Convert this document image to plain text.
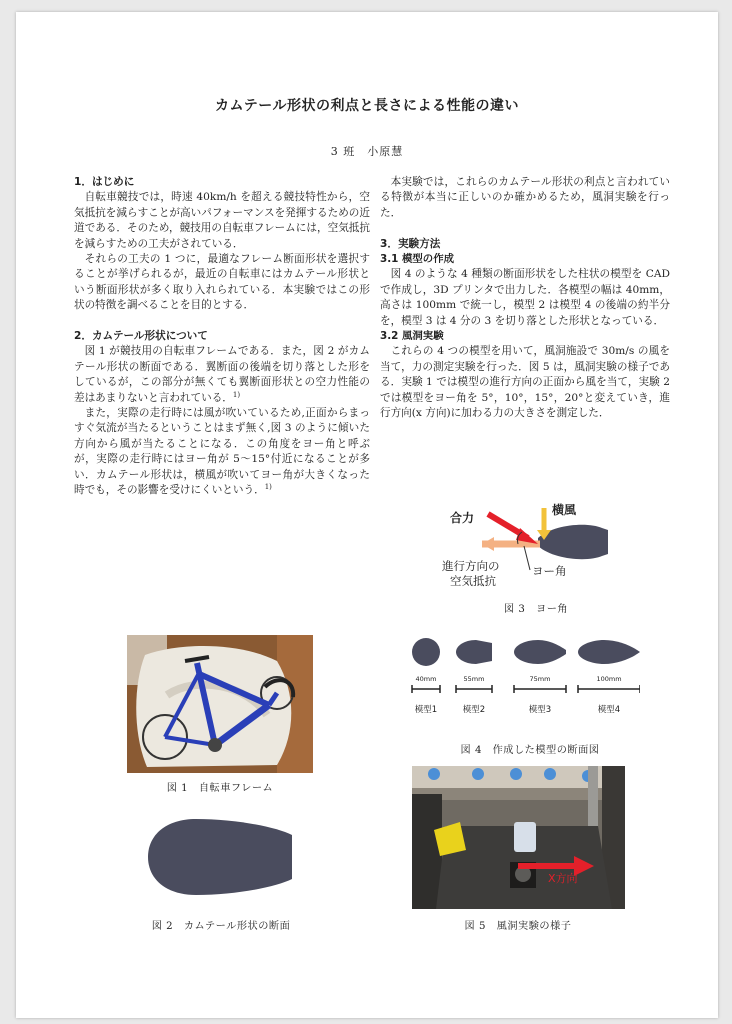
カムテール形状の利点と長さによる性能の違い
3 班　小原慧
1．はじめに

自転車競技では，時速 40km/h を超える競技特性から，空気抵抗を減らすことが高いパフォーマンスを発揮するための近道である．そのため，競技用の自転車フレームには，空気抵抗を減らすための工夫がされている．

それらの工夫の 1 つに，最適なフレーム断面形状を選択することが挙げられるが，最近の自転車にはカムテール形状という断面形状が多く取り入れられている．本実験ではこの形状の特徴を調べることを目的とする．

2．カムテール形状について

図 1 が競技用の自転車フレームである．また，図 2 がカムテール形状の断面である．翼断面の後端を切り落とした形をしているが，この部分が無くても翼断面形状との空力性能の差はあまりないと言われている．$^{1)}$

また，実際の走行時には風が吹いているため,正面からまっすぐ気流が当たるということはまず無く,図 3 のように傾いた方向から風が当たることになる．この角度をヨー角と呼ぶが，実際の走行時にはヨー角が 5〜15°付近になることが多い．カムテール形状は，横風が吹いてヨー角が大きくなった時でも，その影響を受けにくいという．$^{1)}$

本実験では，これらのカムテール形状の利点と言われている特徴が本当に正しいのか確かめるため，風洞実験を行った．

3．実験方法
3.1 模型の作成

図 4 のような 4 種類の断面形状をした柱状の模型を CAD で作成し，3D プリンタで出力した．各模型の幅は 40mm，高さは 100mm で統一し，模型 2 は模型 4 の後端の約半分を，模型 3 は 4 分の 3 を切り落とした形状となっている．

3.2 風洞実験

これらの 4 つの模型を用いて，風洞施設で 30m/s の風を当て，力の測定実験を行った．図 5 は，風洞実験の様子である．実験 1 では模型の進行方向の正面から風を当て，実験 2 では模型をヨー角を 5°，10°，15°，20°と変えていき，進行方向(x 方向)に加わる力の大きさを測定した．

合力
横風
進行方向の
空気抵抗
ヨー角
図 3　ヨー角
40mm	55mm	75mm	100mm
模型1	模型2	模型3	模型4
図 4　作成した模型の断面図
図 1　自転車フレーム
図 2　カムテール形状の断面
X方向
図 5　風洞実験の様子
